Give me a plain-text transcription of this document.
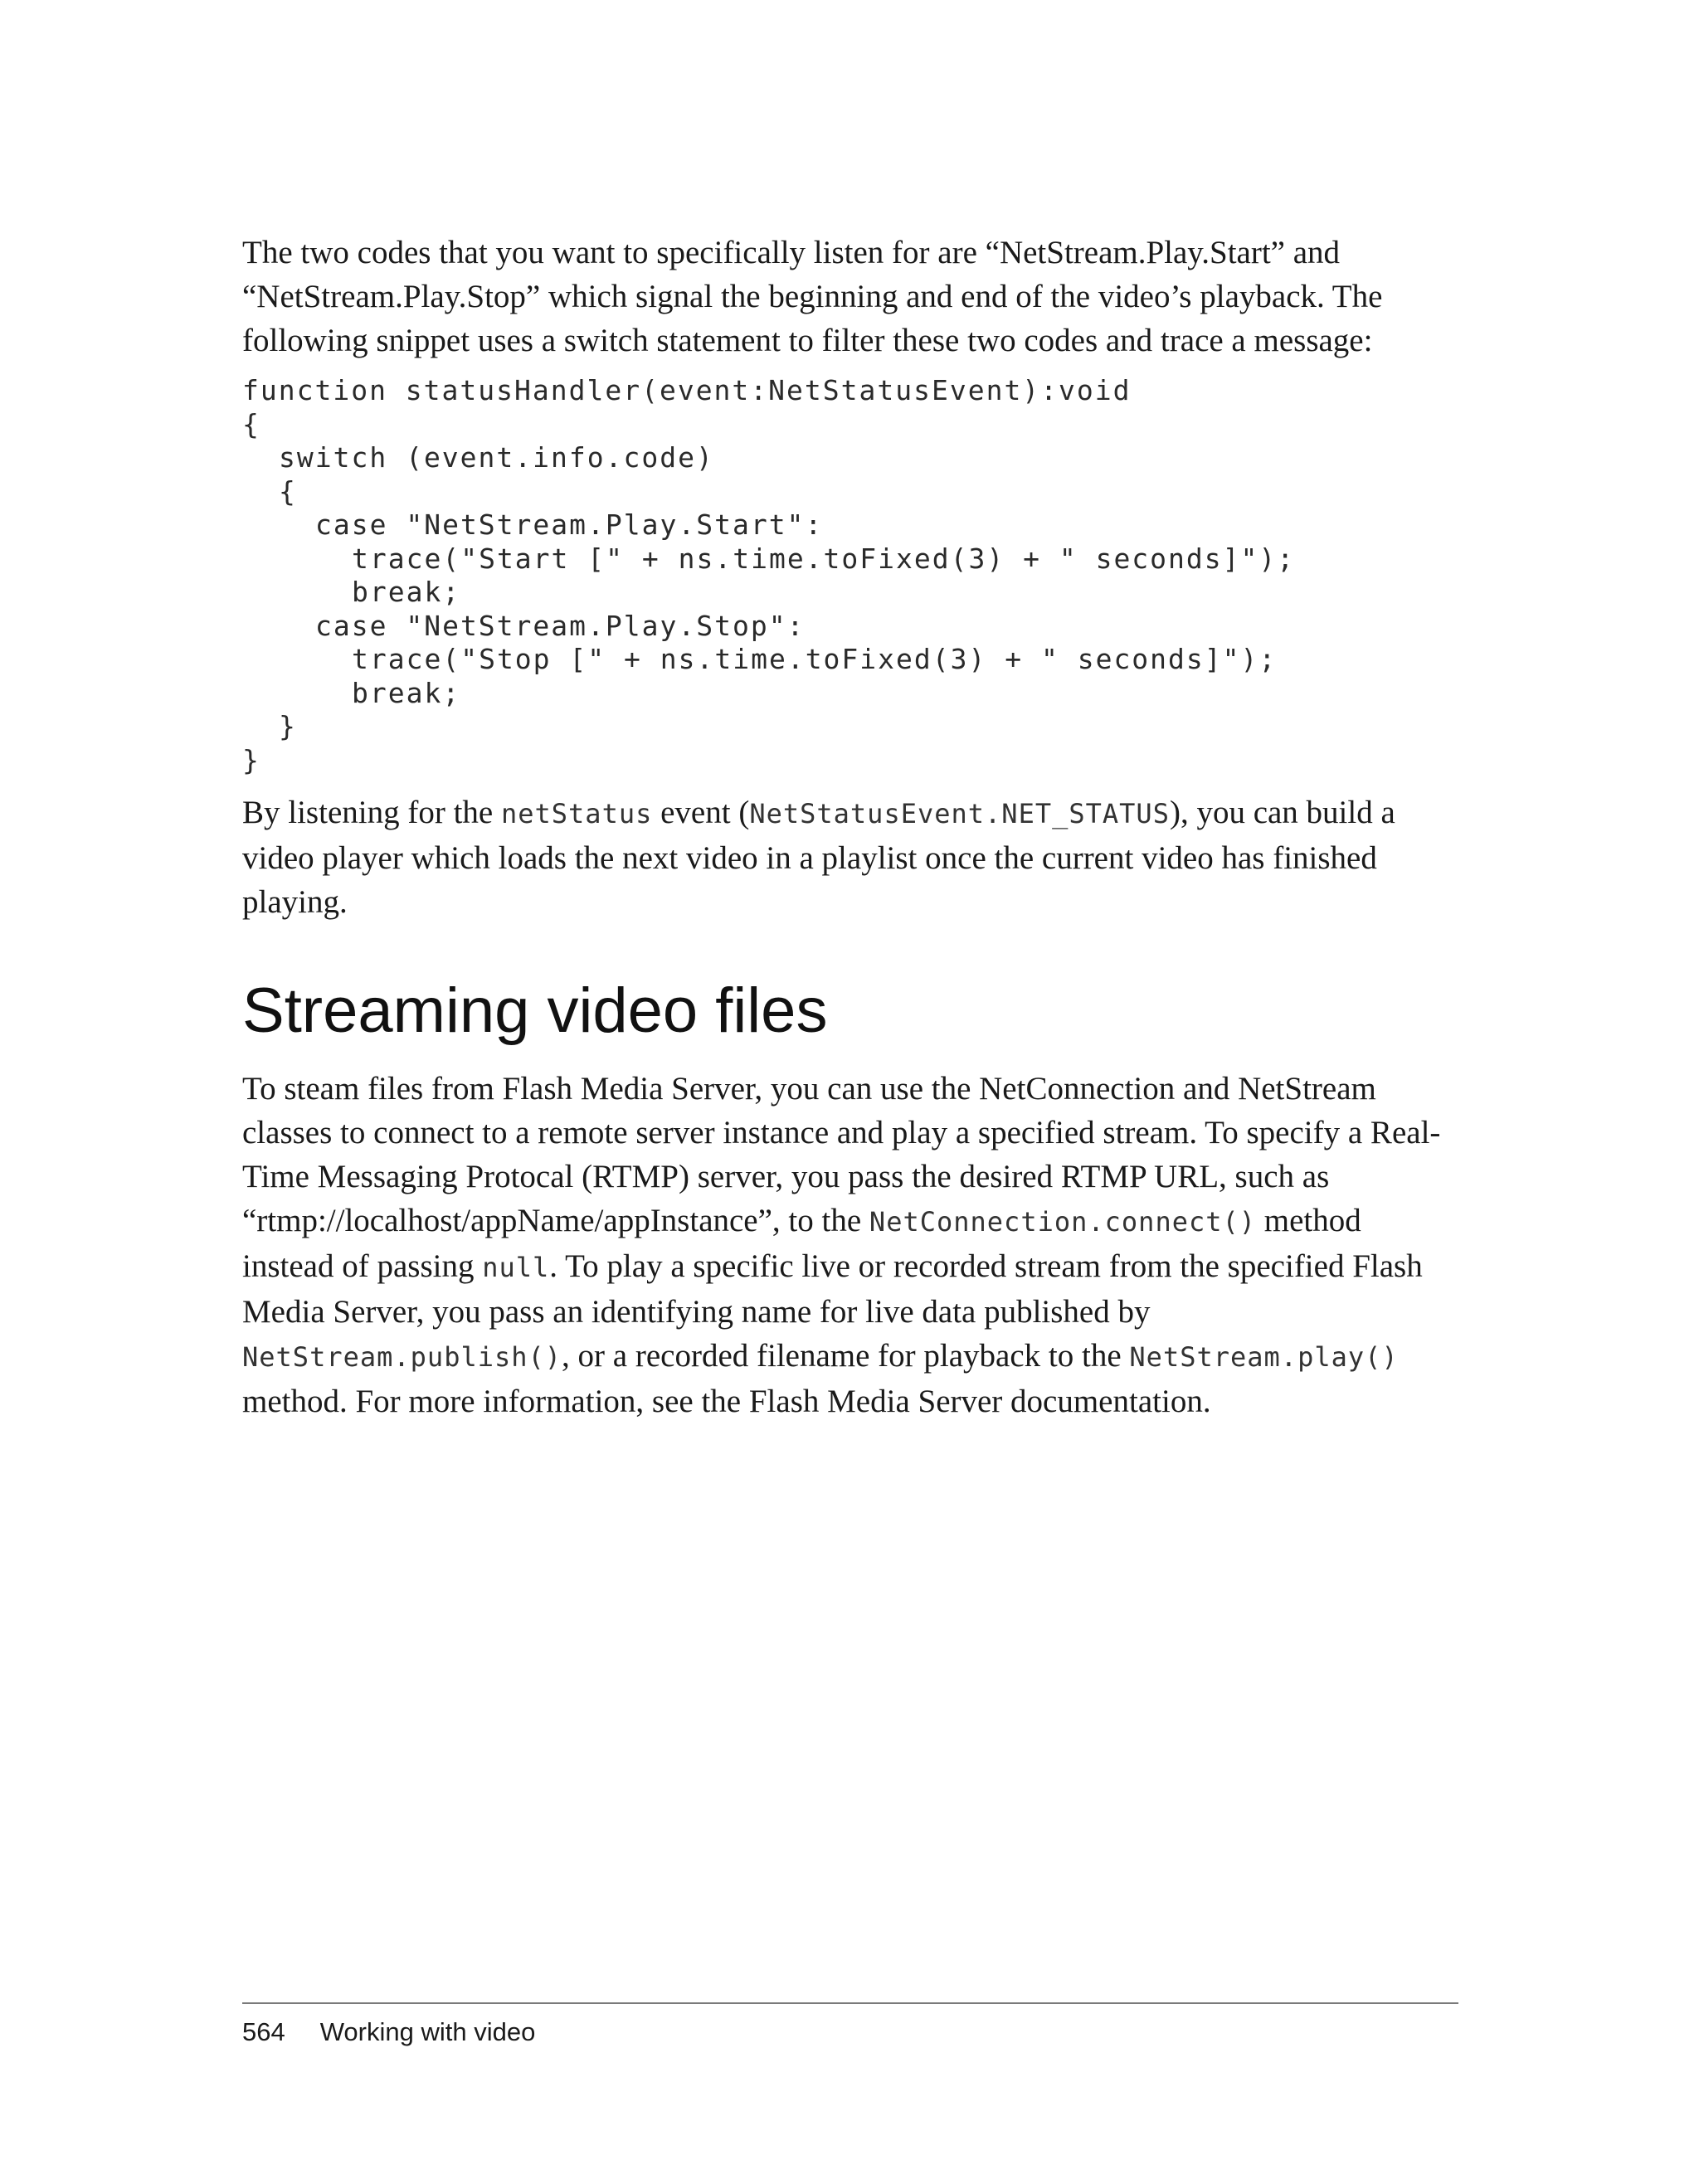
The two codes that you want to specifically listen for are “NetStream.Play.Start” and “NetStream.Play.Stop” which signal the beginning and end of the video’s playback. The following snippet uses a switch statement to filter these two codes and trace a message:

function statusHandler(event:NetStatusEvent):void
{
switch (event.info.code)
{
case "NetStream.Play.Start":
trace("Start [" + ns.time.toFixed(3) + " seconds]");
break;
case "NetStream.Play.Stop":
trace("Stop [" + ns.time.toFixed(3) + " seconds]");
break;
}
}

By listening for the netStatus event (NetStatusEvent.NET_STATUS), you can build a video player which loads the next video in a playlist once the current video has finished playing.

Streaming video files

To steam files from Flash Media Server, you can use the NetConnection and NetStream classes to connect to a remote server instance and play a specified stream. To specify a Real-Time Messaging Protocal (RTMP) server, you pass the desired RTMP URL, such as “rtmp://localhost/appName/appInstance”, to the NetConnection.connect() method instead of passing null. To play a specific live or recorded stream from the specified Flash Media Server, you pass an identifying name for live data published by NetStream.publish(), or a recorded filename for playback to the NetStream.play() method. For more information, see the Flash Media Server documentation.

564 Working with video
